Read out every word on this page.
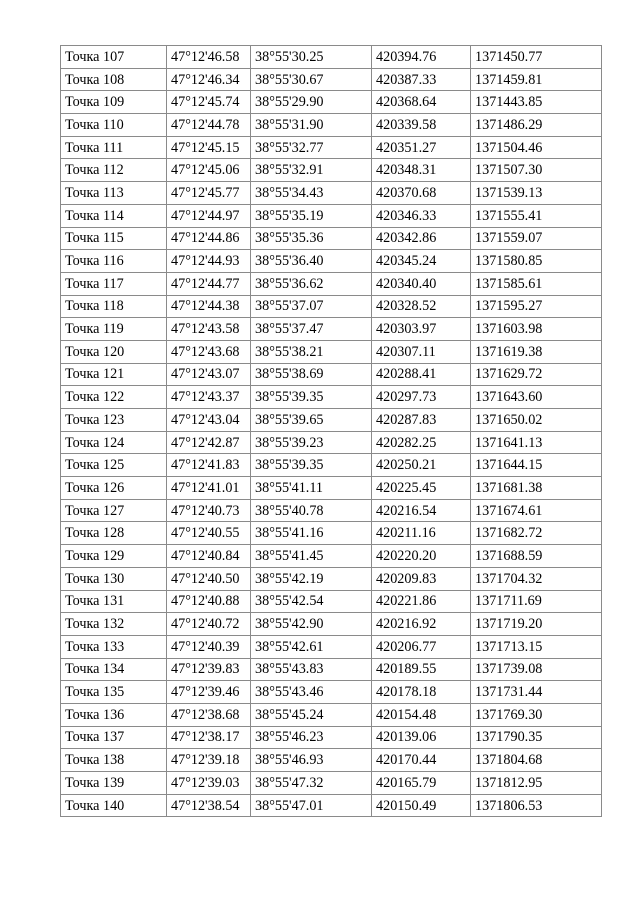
Точка 107	47°12'46.58	38°55'30.25	420394.76	1371450.77
Точка 108	47°12'46.34	38°55'30.67	420387.33	1371459.81
Точка 109	47°12'45.74	38°55'29.90	420368.64	1371443.85
Точка 110	47°12'44.78	38°55'31.90	420339.58	1371486.29
Точка 111	47°12'45.15	38°55'32.77	420351.27	1371504.46
Точка 112	47°12'45.06	38°55'32.91	420348.31	1371507.30
Точка 113	47°12'45.77	38°55'34.43	420370.68	1371539.13
Точка 114	47°12'44.97	38°55'35.19	420346.33	1371555.41
Точка 115	47°12'44.86	38°55'35.36	420342.86	1371559.07
Точка 116	47°12'44.93	38°55'36.40	420345.24	1371580.85
Точка 117	47°12'44.77	38°55'36.62	420340.40	1371585.61
Точка 118	47°12'44.38	38°55'37.07	420328.52	1371595.27
Точка 119	47°12'43.58	38°55'37.47	420303.97	1371603.98
Точка 120	47°12'43.68	38°55'38.21	420307.11	1371619.38
Точка 121	47°12'43.07	38°55'38.69	420288.41	1371629.72
Точка 122	47°12'43.37	38°55'39.35	420297.73	1371643.60
Точка 123	47°12'43.04	38°55'39.65	420287.83	1371650.02
Точка 124	47°12'42.87	38°55'39.23	420282.25	1371641.13
Точка 125	47°12'41.83	38°55'39.35	420250.21	1371644.15
Точка 126	47°12'41.01	38°55'41.11	420225.45	1371681.38
Точка 127	47°12'40.73	38°55'40.78	420216.54	1371674.61
Точка 128	47°12'40.55	38°55'41.16	420211.16	1371682.72
Точка 129	47°12'40.84	38°55'41.45	420220.20	1371688.59
Точка 130	47°12'40.50	38°55'42.19	420209.83	1371704.32
Точка 131	47°12'40.88	38°55'42.54	420221.86	1371711.69
Точка 132	47°12'40.72	38°55'42.90	420216.92	1371719.20
Точка 133	47°12'40.39	38°55'42.61	420206.77	1371713.15
Точка 134	47°12'39.83	38°55'43.83	420189.55	1371739.08
Точка 135	47°12'39.46	38°55'43.46	420178.18	1371731.44
Точка 136	47°12'38.68	38°55'45.24	420154.48	1371769.30
Точка 137	47°12'38.17	38°55'46.23	420139.06	1371790.35
Точка 138	47°12'39.18	38°55'46.93	420170.44	1371804.68
Точка 139	47°12'39.03	38°55'47.32	420165.79	1371812.95
Точка 140	47°12'38.54	38°55'47.01	420150.49	1371806.53
